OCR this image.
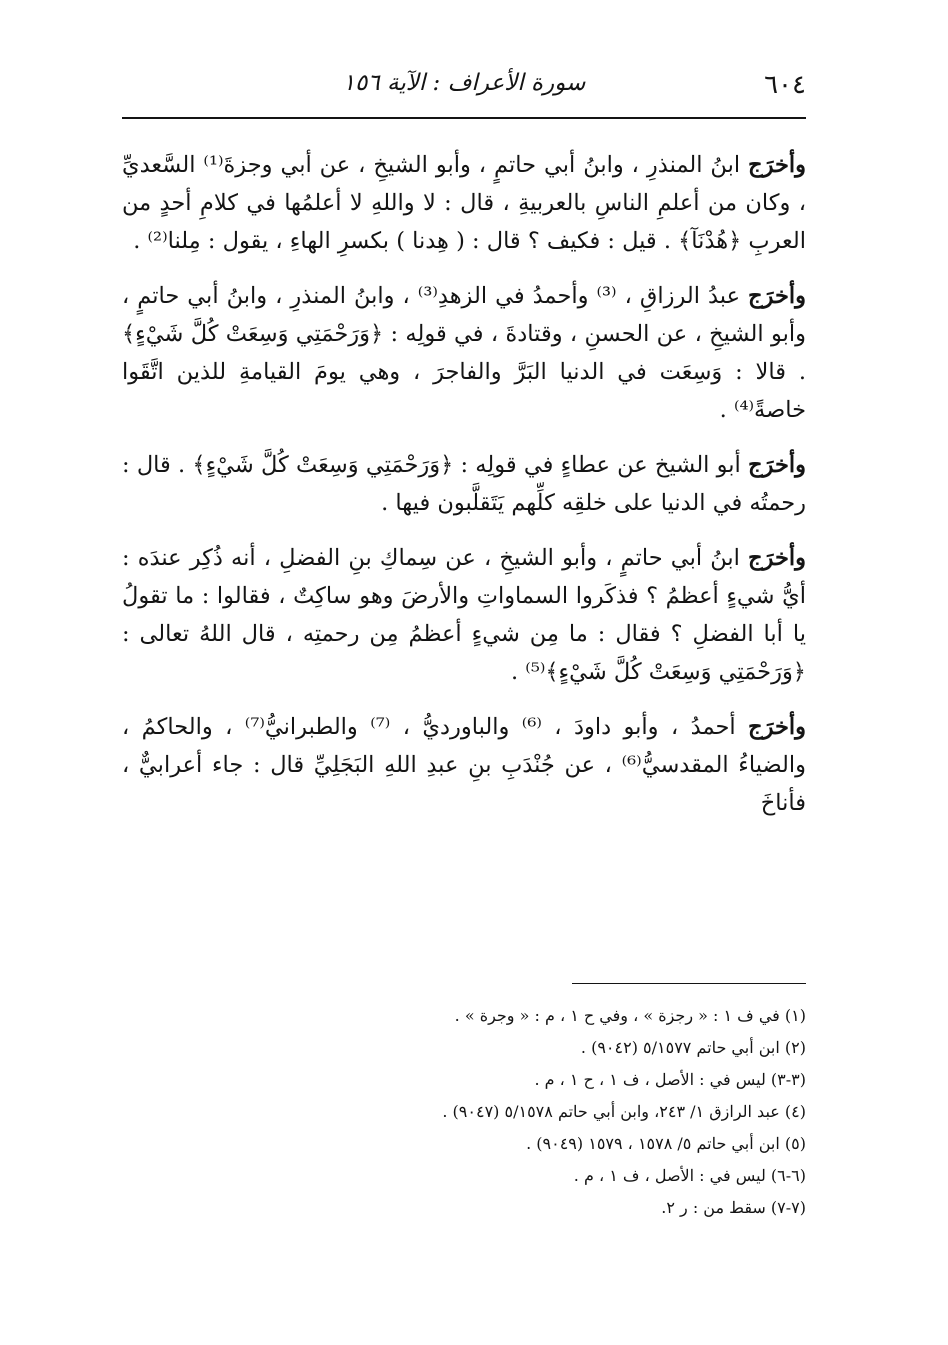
٦٠٤
سورة الأعراف : الآية ١٥٦

وأخرَج ابنُ المنذرِ ، وابنُ أبي حاتمٍ ، وأبو الشيخِ ، عن أبي وجزةَ⁽¹⁾ السَّعديِّ ، وكان من أعلمِ الناسِ بالعربيةِ ، قال : لا واللهِ لا أعلمُها في كلامِ أحدٍ من العربِ ﴿هُدْنَآ﴾ . قيل : فكيف ؟ قال : ( هِدنا ) بكسرِ الهاءِ ، يقول : مِلنا⁽²⁾ .

وأخرَج عبدُ الرزاقِ ، ⁽³⁾ وأحمدُ في الزهدِ⁽³⁾ ، وابنُ المنذرِ ، وابنُ أبي حاتمٍ ، وأبو الشيخِ ، عن الحسنِ ، وقتادةَ ، في قولِه : ﴿وَرَحْمَتِي وَسِعَتْ كُلَّ شَيْءٍ﴾ . قالا : وَسِعَت في الدنيا البَرَّ والفاجرَ ، وهي يومَ القيامةِ للذين اتَّقَوا خاصةً⁽⁴⁾ .

وأخرَج أبو الشيخ عن عطاءٍ في قولِه : ﴿وَرَحْمَتِي وَسِعَتْ كُلَّ شَيْءٍ﴾ . قال : رحمتُه في الدنيا على خلقِه كلِّهم يَتَقلَّبون فيها .

وأخرَج ابنُ أبي حاتمٍ ، وأبو الشيخِ ، عن سِماكِ بنِ الفضلِ ، أنه ذُكِر عندَه : أيُّ شيءٍ أعظمُ ؟ فذكَروا السماواتِ والأرضَ وهو ساكِتٌ ، فقالوا : ما تقولُ يا أبا الفضلِ ؟ فقال : ما مِن شيءٍ أعظمُ مِن رحمتِه ، قال اللهُ تعالى : ﴿وَرَحْمَتِي وَسِعَتْ كُلَّ شَيْءٍ﴾⁽⁵⁾ .

وأخرَج أحمدُ ، وأبو داودَ ، ⁽⁶⁾ والباورديُّ ، ⁽⁷⁾ والطبرانيُّ⁽⁷⁾ ، والحاكمُ ، والضياءُ المقدسيُّ⁽⁶⁾ ، عن جُنْدَبِ بنِ عبدِ اللهِ البَجَلِيِّ قال : جاء أعرابيٌّ ، فأناخَ

(١) في ف ١ : « رجزة » ، وفي ح ١ ، م : « وجرة » .
(٢) ابن أبي حاتم ٥/١٥٧٧ (٩٠٤٢) .
(٣-٣) ليس في : الأصل ، ف ١ ، ح ١ ، م .
(٤) عبد الرازق ١/ ٢٤٣، وابن أبي حاتم ٥/١٥٧٨ (٩٠٤٧) .
(٥) ابن أبي حاتم ٥/ ١٥٧٨ ، ١٥٧٩ (٩٠٤٩) .
(٦-٦) ليس في : الأصل ، ف ١ ، م .
(٧-٧) سقط من : ر ٢.
